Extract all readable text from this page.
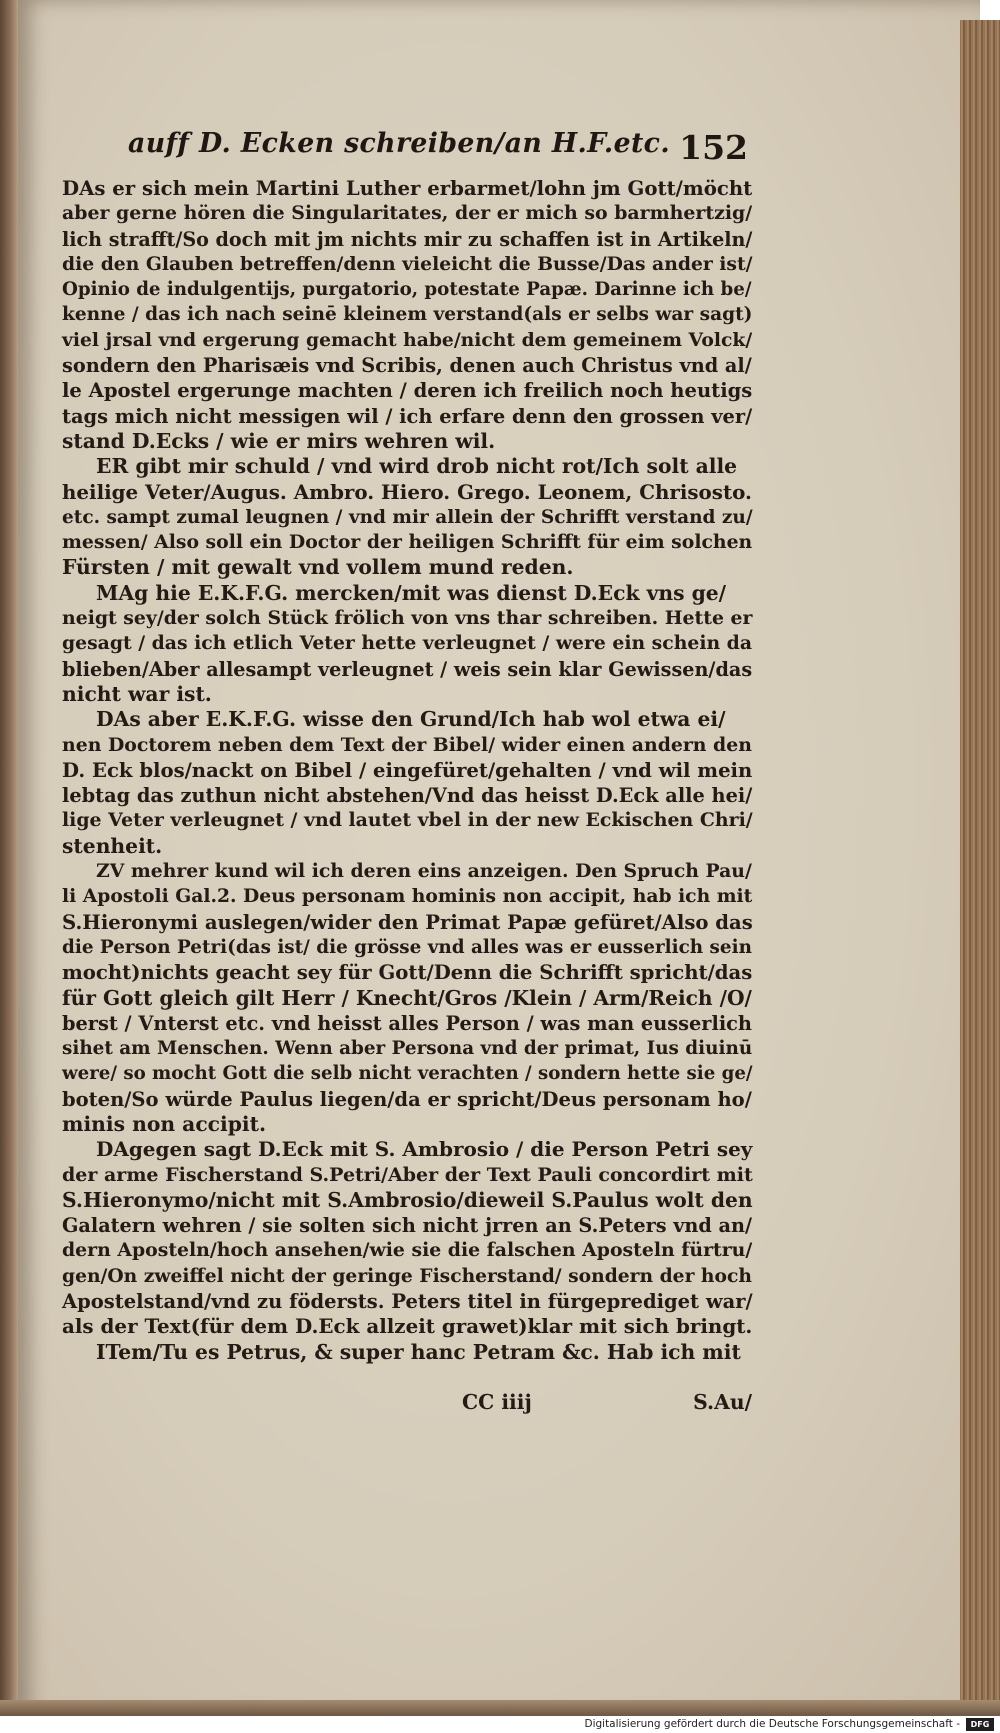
auff D. Ecken schreiben/an H.F.etc. 152
DAs er sich mein Martini Luther erbarmet/lohn jm Gott/möcht
aber gerne hören die Singularitates, der er mich so barmhertzig/
lich strafft/So doch mit jm nichts mir zu schaffen ist in Artikeln/
die den Glauben betreffen/denn vieleicht die Busse/Das ander ist/
Opinio de indulgentijs, purgatorio, potestate Papæ. Darinne ich be/
kenne / das ich nach seinē kleinem verstand(als er selbs war sagt)
viel jrsal vnd ergerung gemacht habe/nicht dem gemeinem Volck/
sondern den Pharisæis vnd Scribis, denen auch Christus vnd al/
le Apostel ergerunge machten / deren ich freilich noch heutigs
tags mich nicht messigen wil / ich erfare denn den grossen ver/
stand D.Ecks / wie er mirs wehren wil.
ER gibt mir schuld / vnd wird drob nicht rot/Ich solt alle
heilige Veter/Augus. Ambro. Hiero. Grego. Leonem, Chrisosto.
etc. sampt zumal leugnen / vnd mir allein der Schrifft verstand zu/
messen/ Also soll ein Doctor der heiligen Schrifft für eim solchen
Fürsten / mit gewalt vnd vollem mund reden.
MAg hie E.K.F.G. mercken/mit was dienst D.Eck vns ge/
neigt sey/der solch Stück frölich von vns thar schreiben. Hette er
gesagt / das ich etlich Veter hette verleugnet / were ein schein da
blieben/Aber allesampt verleugnet / weis sein klar Gewissen/das
nicht war ist.
DAs aber E.K.F.G. wisse den Grund/Ich hab wol etwa ei/
nen Doctorem neben dem Text der Bibel/ wider einen andern den
D. Eck blos/nackt on Bibel / eingefüret/gehalten / vnd wil mein
lebtag das zuthun nicht abstehen/Vnd das heisst D.Eck alle hei/
lige Veter verleugnet / vnd lautet vbel in der new Eckischen Chri/
stenheit.
ZV mehrer kund wil ich deren eins anzeigen. Den Spruch Pau/
li Apostoli Gal.2. Deus personam hominis non accipit, hab ich mit
S.Hieronymi auslegen/wider den Primat Papæ gefüret/Also das
die Person Petri(das ist/ die grösse vnd alles was er eusserlich sein
mocht)nichts geacht sey für Gott/Denn die Schrifft spricht/das
für Gott gleich gilt Herr / Knecht/Gros /Klein / Arm/Reich /O/
berst / Vnterst etc. vnd heisst alles Person / was man eusserlich
sihet am Menschen. Wenn aber Persona vnd der primat, Ius diuinū
were/ so mocht Gott die selb nicht verachten / sondern hette sie ge/
boten/So würde Paulus liegen/da er spricht/Deus personam ho/
minis non accipit.
DAgegen sagt D.Eck mit S. Ambrosio / die Person Petri sey
der arme Fischerstand S.Petri/Aber der Text Pauli concordirt mit
S.Hieronymo/nicht mit S.Ambrosio/dieweil S.Paulus wolt den
Galatern wehren / sie solten sich nicht jrren an S.Peters vnd an/
dern Aposteln/hoch ansehen/wie sie die falschen Aposteln fürtru/
gen/On zweiffel nicht der geringe Fischerstand/ sondern der hoch
Apostelstand/vnd zu födersts. Peters titel in fürgeprediget war/
als der Text(für dem D.Eck allzeit grawet)klar mit sich bringt.
ITem/Tu es Petrus, & super hanc Petram &c. Hab ich mit
CC iiij	S.Au/
Digitalisierung gefördert durch die Deutsche Forschungsgemeinschaft -	DFG
